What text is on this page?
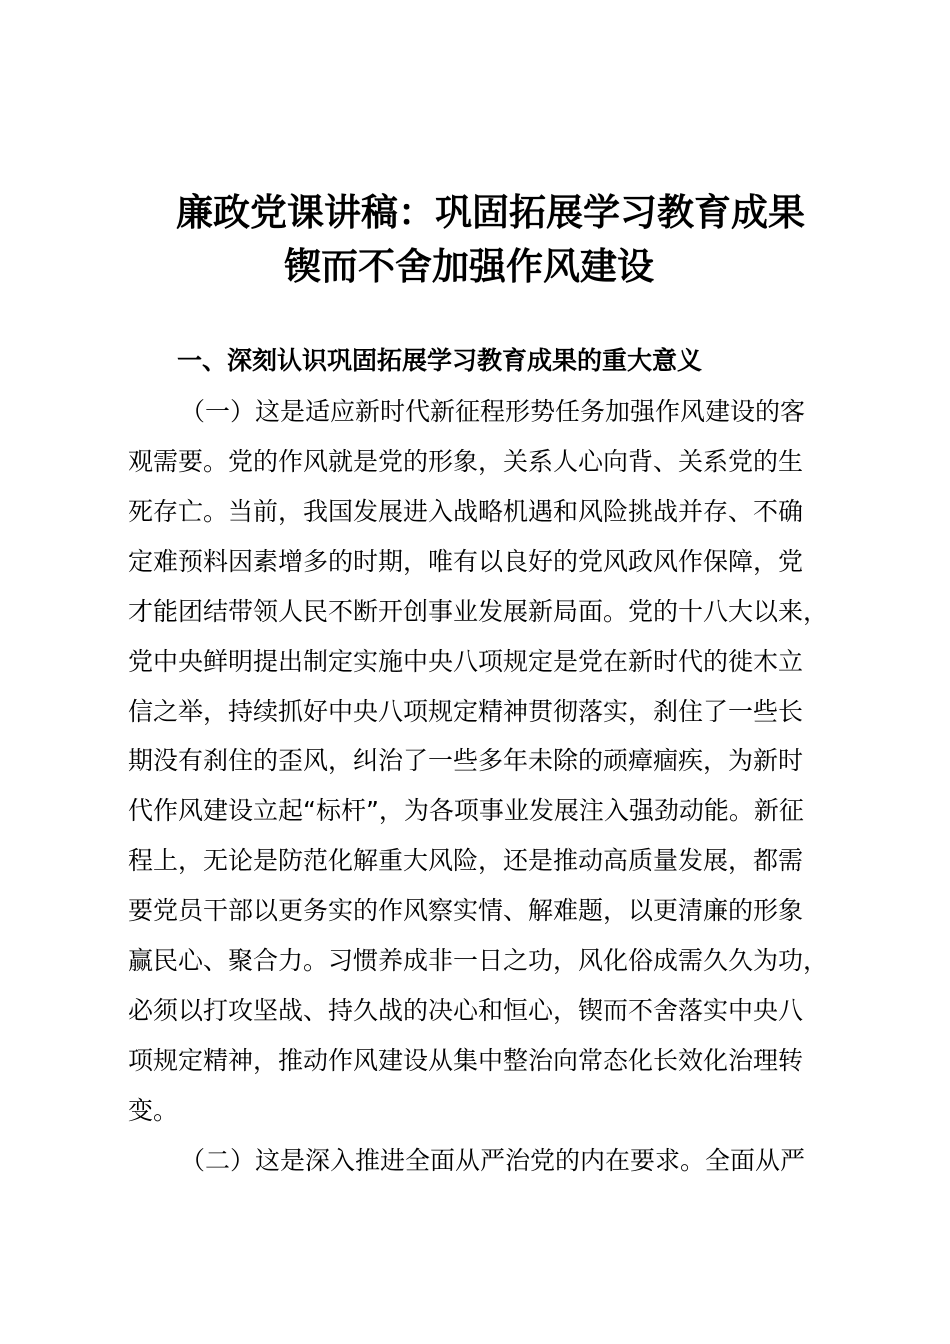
廉政党课讲稿：巩固拓展学习教育成果
锲而不舍加强作风建设
一、深刻认识巩固拓展学习教育成果的重大意义
（一）这是适应新时代新征程形势任务加强作风建设的客
观需要。党的作风就是党的形象，关系人心向背、关系党的生
死存亡。当前，我国发展进入战略机遇和风险挑战并存、不确
定难预料因素增多的时期，唯有以良好的党风政风作保障，党
才能团结带领人民不断开创事业发展新局面。党的十八大以来，
党中央鲜明提出制定实施中央八项规定是党在新时代的徙木立
信之举，持续抓好中央八项规定精神贯彻落实，刹住了一些长
期没有刹住的歪风，纠治了一些多年未除的顽瘴痼疾，为新时
代作风建设立起“标杆”，为各项事业发展注入强劲动能。新征
程上，无论是防范化解重大风险，还是推动高质量发展，都需
要党员干部以更务实的作风察实情、解难题，以更清廉的形象
赢民心、聚合力。习惯养成非一日之功，风化俗成需久久为功，
必须以打攻坚战、持久战的决心和恒心，锲而不舍落实中央八
项规定精神，推动作风建设从集中整治向常态化长效化治理转
变。
（二）这是深入推进全面从严治党的内在要求。全面从严
